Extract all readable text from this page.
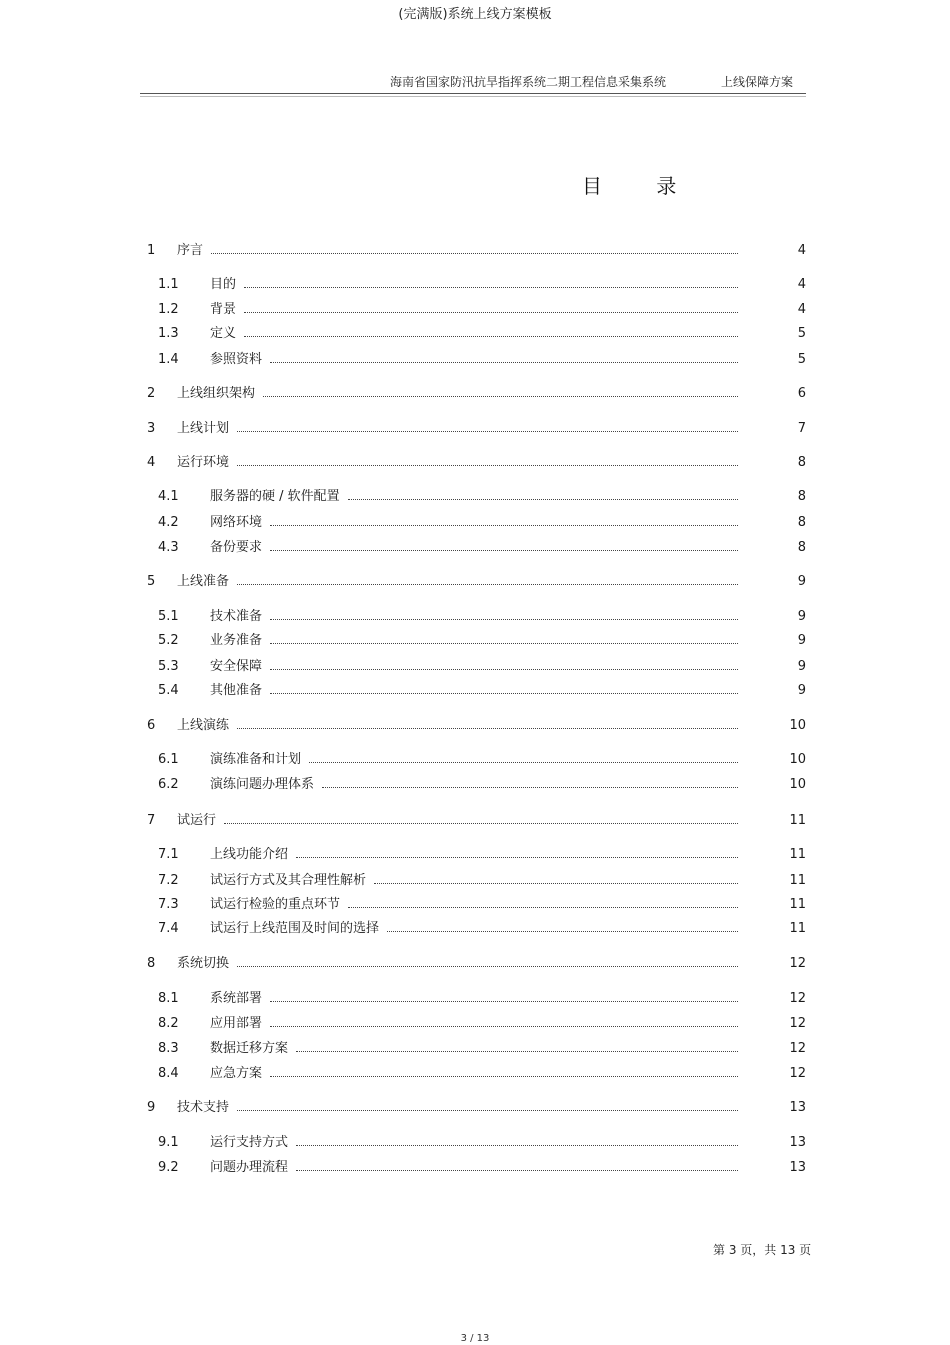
(完满版)系统上线方案模板
海南省国家防汛抗旱指挥系统二期工程信息采集系统	上线保障方案
目 录
1 序言	4
1.1 目的	4
1.2 背景	4
1.3 定义	5
1.4 参照资料	5
2 上线组织架构	6
3 上线计划	7
4 运行环境	8
4.1 服务器的硬 / 软件配置	8
4.2 网络环境	8
4.3 备份要求	8
5 上线准备	9
5.1 技术准备	9
5.2 业务准备	9
5.3 安全保障	9
5.4 其他准备	9
6 上线演练	10
6.1 演练准备和计划	10
6.2 演练问题办理体系	10
7 试运行	11
7.1 上线功能介绍	11
7.2 试运行方式及其合理性解析	11
7.3 试运行检验的重点环节	11
7.4 试运行上线范围及时间的选择	11
8 系统切换	12
8.1 系统部署	12
8.2 应用部署	12
8.3 数据迁移方案	12
8.4 应急方案	12
9 技术支持	13
9.1 运行支持方式	13
9.2 问题办理流程	13
第 3 页，共 13 页
3 / 13
